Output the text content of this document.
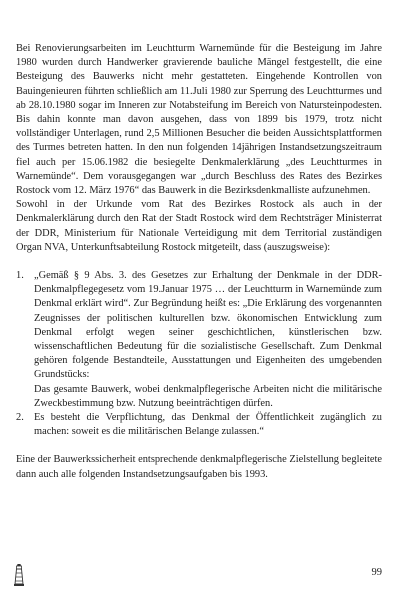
Bei Renovierungsarbeiten im Leuchtturm Warnemünde für die Besteigung im Jahre 1980 wurden durch Handwerker gravierende bauliche Mängel festgestellt, die eine Besteigung des Bauwerks nicht mehr gestatteten. Eingehende Kontrollen von Bauingenieuren führten schließlich am 11.Juli 1980 zur Sperrung des Leuchtturmes und ab 28.10.1980 sogar im Inneren zur Notabsteifung im Bereich von Natursteinpodesten. Bis dahin konnte man davon ausgehen, dass von 1899 bis 1979, trotz nicht vollständiger Unterlagen, rund 2,5 Millionen Besucher die beiden Aussichtsplattformen des Turmes betreten hatten. In den nun folgenden 14jährigen Instandsetzungszeitraum fiel auch per 15.06.1982 die besiegelte Denkmalerklärung „des Leuchtturmes in Warnemünde“. Dem vorausgegangen war „durch Beschluss des Rates des Bezirkes Rostock vom 12. März 1976“ das Bauwerk in die Bezirksdenkmalliste aufzunehmen.

Sowohl in der Urkunde vom Rat des Bezirkes Rostock als auch in der Denkmalerklärung durch den Rat der Stadt Rostock wird dem Rechtsträger Ministerrat der DDR, Ministerium für Nationale Verteidigung mit dem Territorial zuständigen Organ NVA, Unterkunftsabteilung Rostock mitgeteilt, dass (auszugsweise):

1. „Gemäß § 9 Abs. 3. des Gesetzes zur Erhaltung der Denkmale in der DDR-Denkmalpflegegesetz vom 19.Januar 1975 … der Leuchtturm in Warnemünde zum Denkmal erklärt wird“. Zur Begründung heißt es: „Die Erklärung des vorgenannten Zeugnisses der politischen kulturellen bzw. ökonomischen Entwicklung zum Denkmal erfolgt wegen seiner geschichtlichen, künstlerischen bzw. wissenschaftlichen Bedeutung für die sozialistische Gesellschaft. Zum Denkmal gehören folgende Bestandteile, Ausstattungen und Eigenheiten des umgebenden Grundstücks:
Das gesamte Bauwerk, wobei denkmalpflegerische Arbeiten nicht die militärische Zweckbestimmung bzw. Nutzung beeinträchtigen dürfen.
2. Es besteht die Verpflichtung, das Denkmal der Öffentlichkeit zugänglich zu machen: soweit es die militärischen Belange zulassen.“

Eine der Bauwerkssicherheit entsprechende denkmalpflegerische Zielstellung begleitete dann auch alle folgenden Instandsetzungsaufgaben bis 1993.

99
